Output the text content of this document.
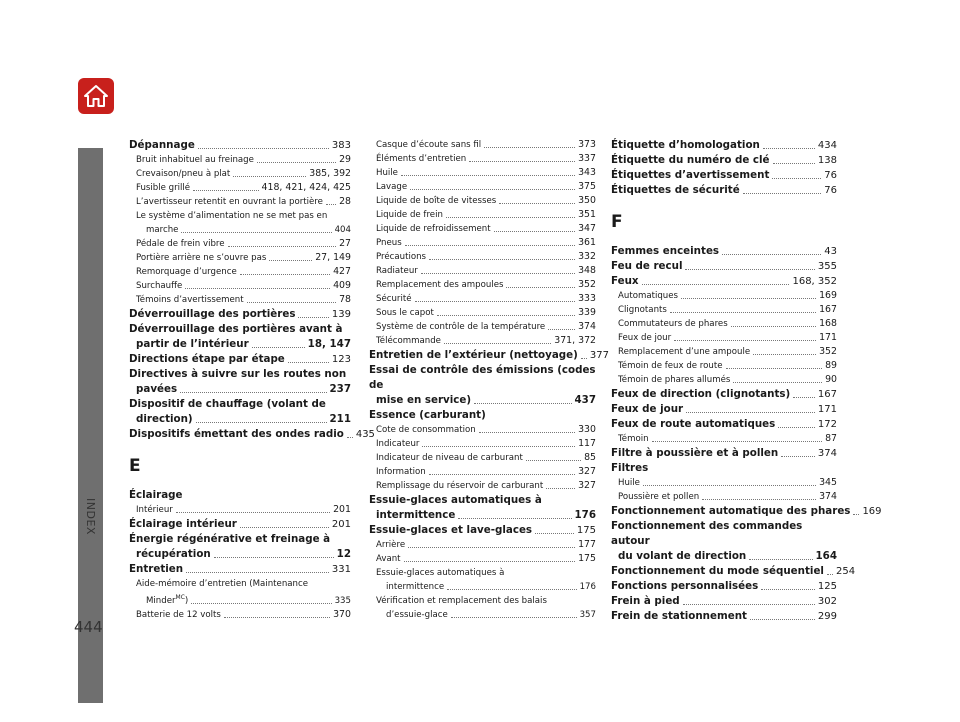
INDEX
444
Dépannage	383
Bruit inhabituel au freinage	29
Crevaison/pneu à plat	385, 392
Fusible grillé	418, 421, 424, 425
L’avertisseur retentit en ouvrant la portière 28
Le système d’alimentation ne se met pas en
marche	404
Pédale de frein vibre	27
Portière arrière ne s’ouvre pas	27, 149
Remorquage d’urgence	427
Surchauffe	409
Témoins d’avertissement	78
Déverrouillage des portières	139
Déverrouillage des portières avant à
partir de l’intérieur	18, 147
Directions étape par étape	123
Directives à suivre sur les routes non
pavées	237
Dispositif de chauffage (volant de
direction)	211
Dispositifs émettant des ondes radio 435
E
Éclairage
Intérieur	201
Éclairage intérieur	201
Énergie régénérative et freinage à
récupération	12
Entretien	331
Aide-mémoire d’entretien (Maintenance
Minder$^{MC}$)	335
Batterie de 12 volts	370
Casque d’écoute sans fil	373
Éléments d’entretien	337
Huile	343
Lavage	375
Liquide de boîte de vitesses	350
Liquide de frein	351
Liquide de refroidissement	347
Pneus	361
Précautions	332
Radiateur	348
Remplacement des ampoules	352
Sécurité	333
Sous le capot	339
Système de contrôle de la température	374
Télécommande	371, 372
Entretien de l’extérieur (nettoyage) 377
Essai de contrôle des émissions (codes de
mise en service)	437
Essence (carburant)
Cote de consommation	330
Indicateur	117
Indicateur de niveau de carburant	85
Information	327
Remplissage du réservoir de carburant	327
Essuie-glaces automatiques à
intermittence	176
Essuie-glaces et lave-glaces	175
Arrière	177
Avant	175
Essuie-glaces automatiques à
intermittence	176
Vérification et remplacement des balais
d’essuie-glace	357
Étiquette d’homologation	434
Étiquette du numéro de clé	138
Étiquettes d’avertissement	76
Étiquettes de sécurité	76
F
Femmes enceintes	43
Feu de recul	355
Feux	168, 352
Automatiques	169
Clignotants	167
Commutateurs de phares	168
Feux de jour	171
Remplacement d’une ampoule	352
Témoin de feux de route	89
Témoin de phares allumés	90
Feux de direction (clignotants)	167
Feux de jour	171
Feux de route automatiques	172
Témoin	87
Filtre à poussière et à pollen	374
Filtres
Huile	345
Poussière et pollen	374
Fonctionnement automatique des phares 169
Fonctionnement des commandes autour
du volant de direction	164
Fonctionnement du mode séquentiel 254
Fonctions personnalisées	125
Frein à pied	302
Frein de stationnement	299
